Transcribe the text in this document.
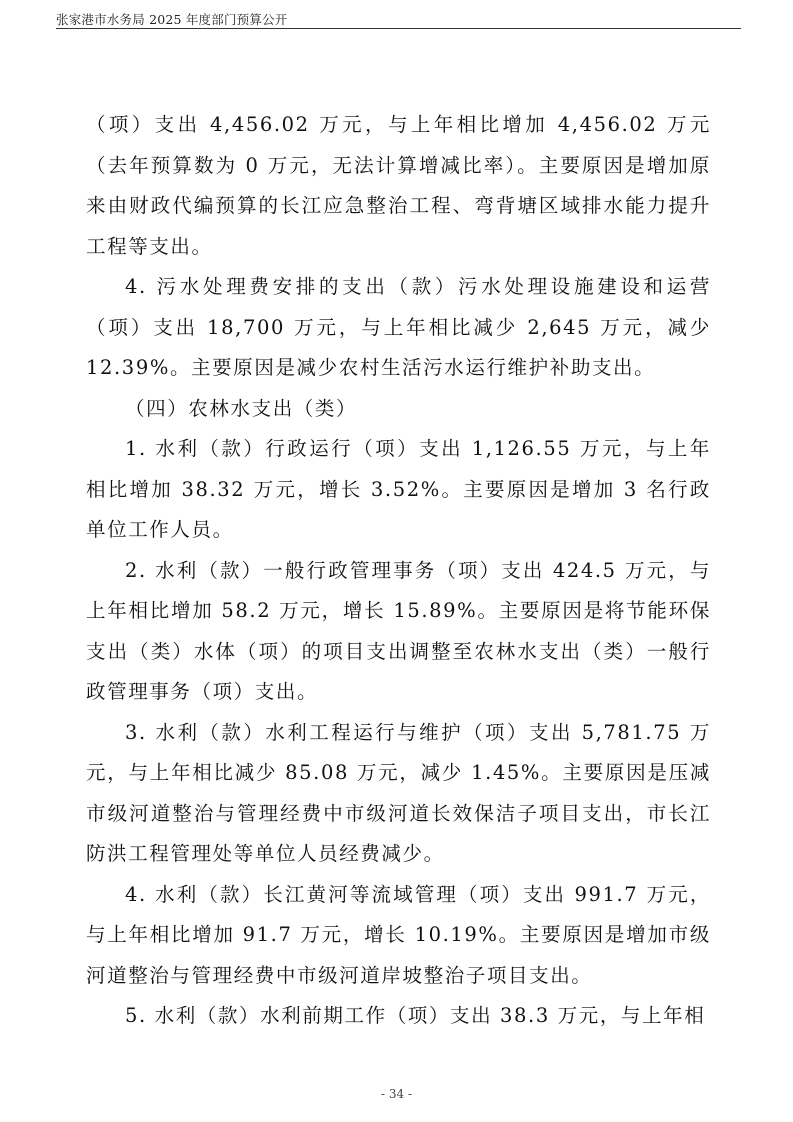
张家港市水务局 2025 年度部门预算公开

（项）支出 4,456.02 万元，与上年相比增加 4,456.02 万元（去年预算数为 0 万元，无法计算增减比率）。主要原因是增加原来由财政代编预算的长江应急整治工程、弯背塘区域排水能力提升工程等支出。

4. 污水处理费安排的支出（款）污水处理设施建设和运营（项）支出 18,700 万元，与上年相比减少 2,645 万元，减少 12.39%。主要原因是减少农村生活污水运行维护补助支出。

（四）农林水支出（类）

1. 水利（款）行政运行（项）支出 1,126.55 万元，与上年相比增加 38.32 万元，增长 3.52%。主要原因是增加 3 名行政单位工作人员。

2. 水利（款）一般行政管理事务（项）支出 424.5 万元，与上年相比增加 58.2 万元，增长 15.89%。主要原因是将节能环保支出（类）水体（项）的项目支出调整至农林水支出（类）一般行政管理事务（项）支出。

3. 水利（款）水利工程运行与维护（项）支出 5,781.75 万元，与上年相比减少 85.08 万元，减少 1.45%。主要原因是压减市级河道整治与管理经费中市级河道长效保洁子项目支出，市长江防洪工程管理处等单位人员经费减少。

4. 水利（款）长江黄河等流域管理（项）支出 991.7 万元，与上年相比增加 91.7 万元，增长 10.19%。主要原因是增加市级河道整治与管理经费中市级河道岸坡整治子项目支出。

5. 水利（款）水利前期工作（项）支出 38.3 万元，与上年相

- 34 -
